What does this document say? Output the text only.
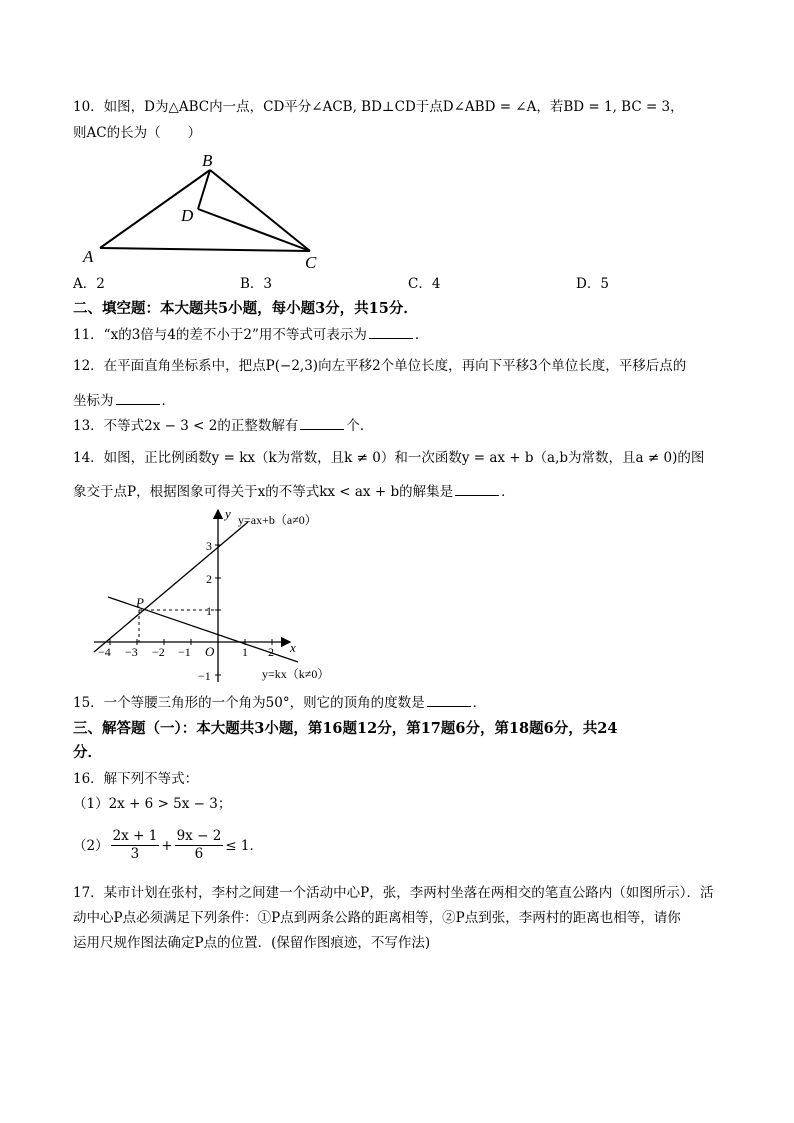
10．如图，D为△ABC内一点，CD平分∠ACB, BD⊥CD于点D∠ABD = ∠A，若BD = 1, BC = 3，
则AC的长为（　　）
B
D
A	C
A．2	B．3	C．4	D．5
二、填空题：本大题共5小题，每小题3分，共15分．
11．“x的3倍与4的差不小于2”用不等式可表示为	．
12．在平面直角坐标系中，把点P(−2,3)向左平移2个单位长度，再向下平移3个单位长度，平移后点的
坐标为	．
13．不等式2x − 3 < 2的正整数解有	个．
14．如图，正比例函数y = kx（k为常数，且k ≠ 0）和一次函数y = ax + b（a,b为常数，且a ≠ 0)的图
象交于点P，根据图象可得关于x的不等式kx < ax + b的解集是	．
y
x
O
3
2
1
−1
−4 −3 −2 −1	1 2
P
y=ax+b（a≠0）
y=kx（k≠0）
15．一个等腰三角形的一个角为50°，则它的顶角的度数是	．
三、解答题（一）：本大题共3小题，第16题12分，第17题6分，第18题6分，共24
分．
16．解下列不等式：
（1）2x + 6 > 5x − 3；
$(2) \frac{2x + 1}{3} + \frac{9x - 2}{6} \le 1$．
17．某市计划在张村，李村之间建一个活动中心P，张，李两村坐落在两相交的笔直公路内（如图所示）．活
动中心P点必须满足下列条件：①P点到两条公路的距离相等，②P点到张，李两村的距离也相等，请你
运用尺规作图法确定P点的位置．(保留作图痕迹，不写作法)
